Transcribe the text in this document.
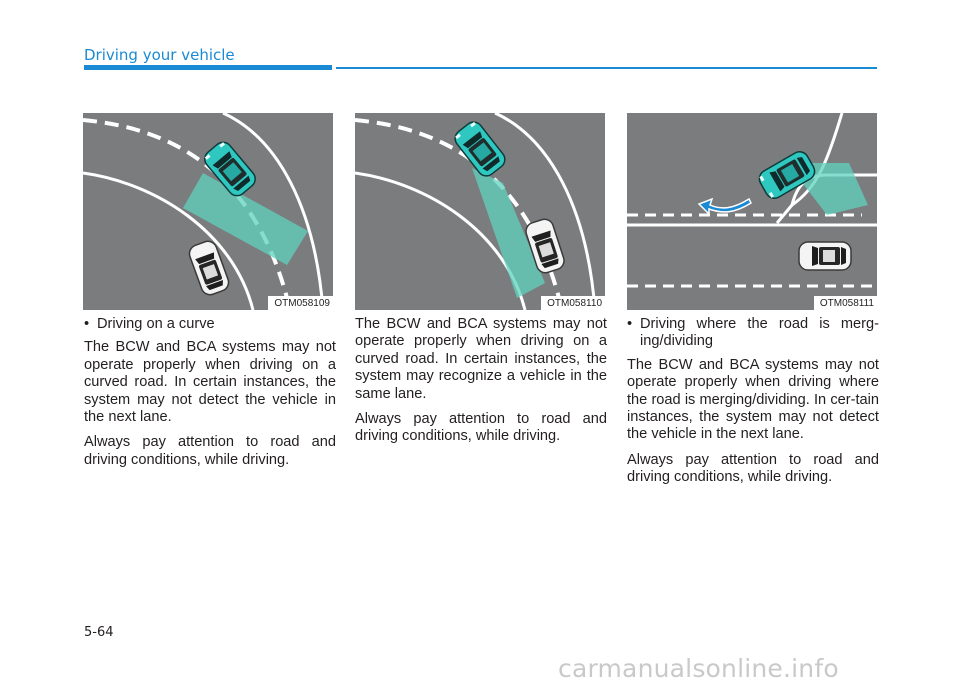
Driving your vehicle
OTM058109	OTM058110	OTM058111
• Driving on a curve

The BCW and BCA systems may not operate properly when driving on a curved road. In certain instances, the system may not detect the vehicle in the next lane.

Always pay attention to road and driving conditions, while driving.

The BCW and BCA systems may not operate properly when driving on a curved road. In certain instances, the system may recognize a vehicle in the same lane.

Always pay attention to road and driving conditions, while driving.

• Driving where the road is merg-ing/dividing

The BCW and BCA systems may not operate properly when driving where the road is merging/dividing. In cer-tain instances, the system may not detect the vehicle in the next lane.

Always pay attention to road and driving conditions, while driving.

5-64
carmanualsonline.info
